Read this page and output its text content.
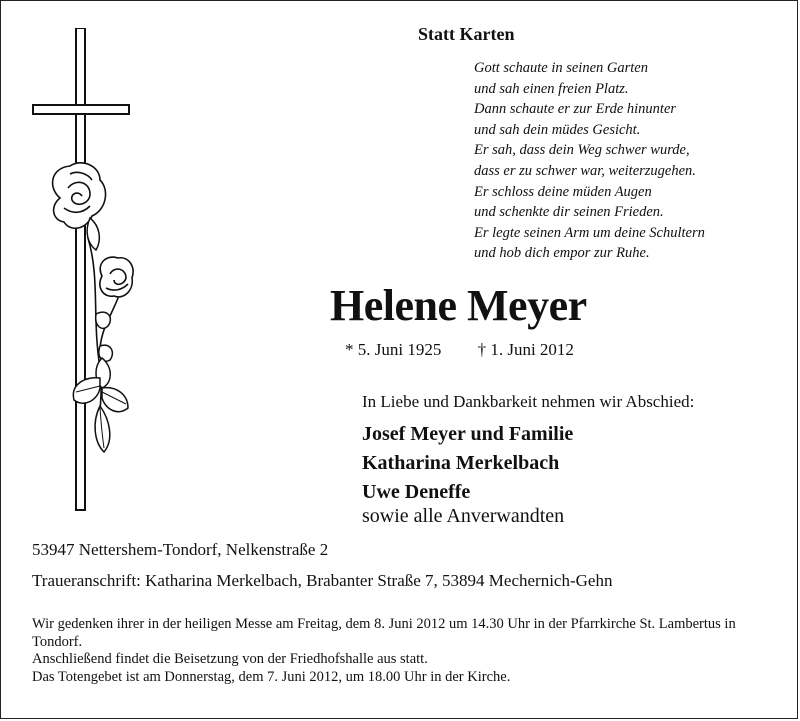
Statt Karten
Gott schaute in seinen Garten
und sah einen freien Platz.
Dann schaute er zur Erde hinunter
und sah dein müdes Gesicht.
Er sah, dass dein Weg schwer wurde,
dass er zu schwer war, weiterzugehen.
Er schloss deine müden Augen
und schenkte dir seinen Frieden.
Er legte seinen Arm um deine Schultern
und hob dich empor zur Ruhe.
Helene Meyer
* 5. Juni 1925 † 1. Juni 2012
In Liebe und Dankbarkeit nehmen wir Abschied:
Josef Meyer und Familie
Katharina Merkelbach
Uwe Deneffe
sowie alle Anverwandten
53947 Nettershem-Tondorf, Nelkenstraße 2
Traueranschrift: Katharina Merkelbach, Brabanter Straße 7, 53894 Mechernich-Gehn

Wir gedenken ihrer in der heiligen Messe am Freitag, dem 8. Juni 2012 um 14.30 Uhr in der Pfarrkirche St. Lambertus in Tondorf.

Anschließend findet die Beisetzung von der Friedhofshalle aus statt.

Das Totengebet ist am Donnerstag, dem 7. Juni 2012, um 18.00 Uhr in der Kirche.
